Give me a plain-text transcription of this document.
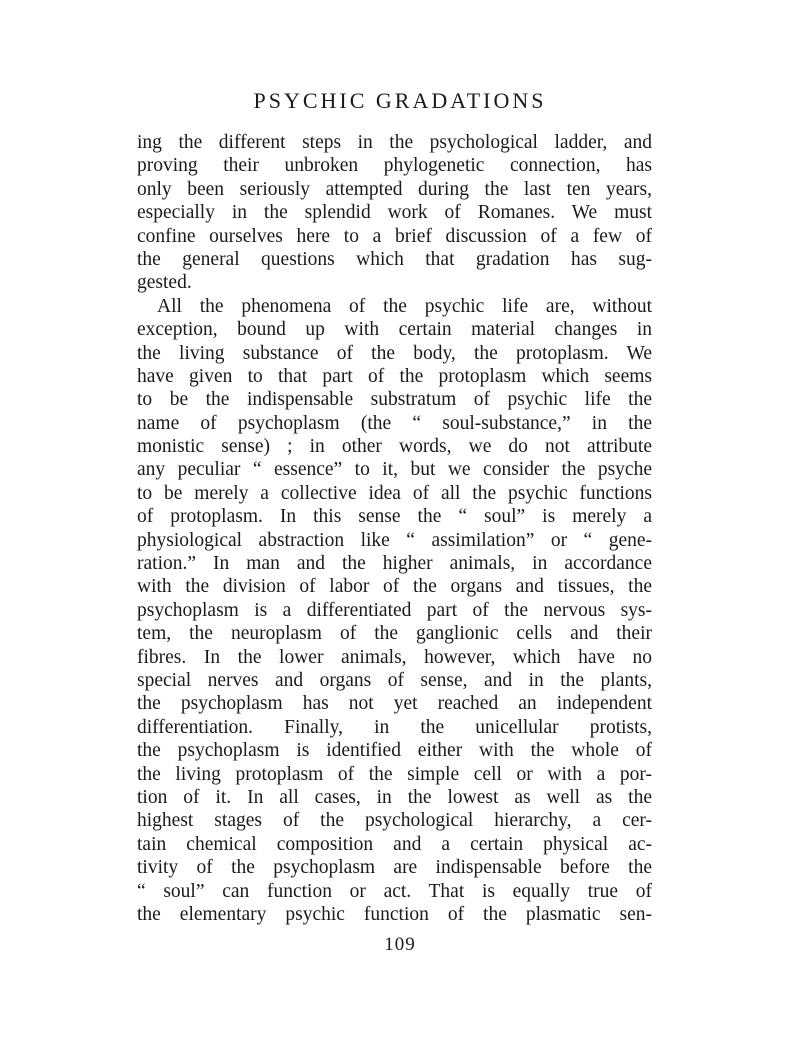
PSYCHIC GRADATIONS
ing the different steps in the psychological ladder, and
proving their unbroken phylogenetic connection, has
only been seriously attempted during the last ten years,
especially in the splendid work of Romanes. We must
confine ourselves here to a brief discussion of a few of
the general questions which that gradation has sug-
gested.
All the phenomena of the psychic life are, without
exception, bound up with certain material changes in
the living substance of the body, the protoplasm. We
have given to that part of the protoplasm which seems
to be the indispensable substratum of psychic life the
name of psychoplasm (the “ soul-substance,” in the
monistic sense) ; in other words, we do not attribute
any peculiar “ essence” to it, but we consider the psyche
to be merely a collective idea of all the psychic functions
of protoplasm. In this sense the “ soul” is merely a
physiological abstraction like “ assimilation” or “ gene-
ration.” In man and the higher animals, in accordance
with the division of labor of the organs and tissues, the
psychoplasm is a differentiated part of the nervous sys-
tem, the neuroplasm of the ganglionic cells and their
fibres. In the lower animals, however, which have no
special nerves and organs of sense, and in the plants,
the psychoplasm has not yet reached an independent
differentiation. Finally, in the unicellular protists,
the psychoplasm is identified either with the whole of
the living protoplasm of the simple cell or with a por-
tion of it. In all cases, in the lowest as well as the
highest stages of the psychological hierarchy, a cer-
tain chemical composition and a certain physical ac-
tivity of the psychoplasm are indispensable before the
“ soul” can function or act. That is equally true of
the elementary psychic function of the plasmatic sen-
109
